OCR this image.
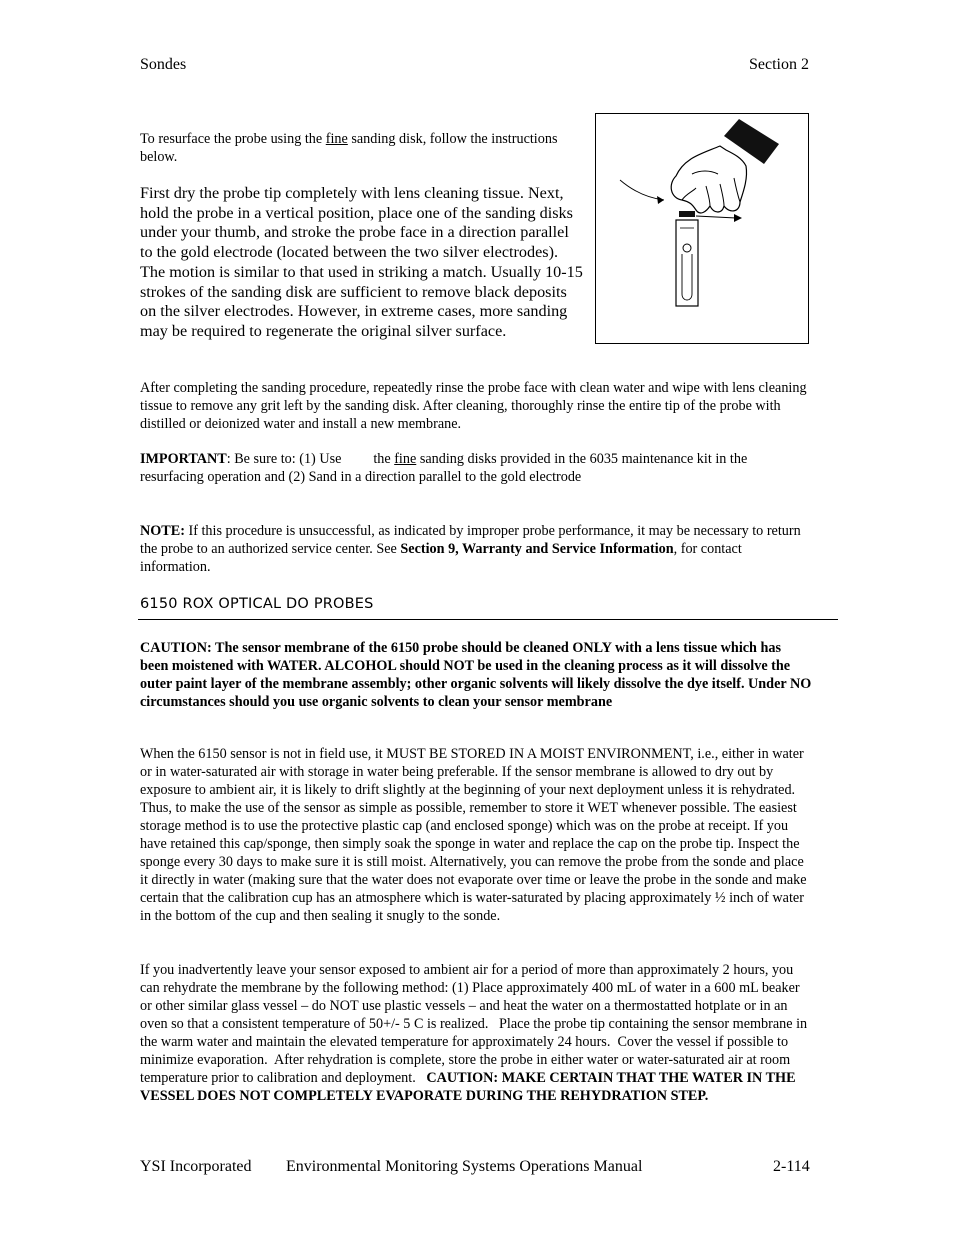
Sondes	Section 2

To resurface the probe using the fine sanding disk, follow the instructions below.

First dry the probe tip completely with lens cleaning tissue. Next, hold the probe in a vertical position, place one of the sanding disks under your thumb, and stroke the probe face in a direction parallel to the gold electrode (located between the two silver electrodes). The motion is similar to that used in striking a match. Usually 10-15 strokes of the sanding disk are sufficient to remove black deposits on the silver electrodes. However, in extreme cases, more sanding may be required to regenerate the original silver surface.

After completing the sanding procedure, repeatedly rinse the probe face with clean water and wipe with lens cleaning tissue to remove any grit left by the sanding disk. After cleaning, thoroughly rinse the entire tip of the probe with distilled or deionized water and install a new membrane.

IMPORTANT: Be sure to: (1) Use         the fine sanding disks provided in the 6035 maintenance kit in the resurfacing operation and (2) Sand in a direction parallel to the gold electrode

NOTE: If this procedure is unsuccessful, as indicated by improper probe performance, it may be necessary to return the probe to an authorized service center. See Section 9, Warranty and Service Information, for contact information.

6150 ROX OPTICAL DO PROBES

CAUTION: The sensor membrane of the 6150 probe should be cleaned ONLY with a lens tissue which has been moistened with WATER. ALCOHOL should NOT be used in the cleaning process as it will dissolve the outer paint layer of the membrane assembly; other organic solvents will likely dissolve the dye itself. Under NO circumstances should you use organic solvents to clean your sensor membrane

When the 6150 sensor is not in field use, it MUST BE STORED IN A MOIST ENVIRONMENT, i.e., either in water or in water-saturated air with storage in water being preferable. If the sensor membrane is allowed to dry out by exposure to ambient air, it is likely to drift slightly at the beginning of your next deployment unless it is rehydrated. Thus, to make the use of the sensor as simple as possible, remember to store it WET whenever possible. The easiest storage method is to use the protective plastic cap (and enclosed sponge) which was on the probe at receipt. If you have retained this cap/sponge, then simply soak the sponge in water and replace the cap on the probe tip. Inspect the sponge every 30 days to make sure it is still moist. Alternatively, you can remove the probe from the sonde and place it directly in water (making sure that the water does not evaporate over time or leave the probe in the sonde and make certain that the calibration cup has an atmosphere which is water-saturated by placing approximately ½ inch of water in the bottom of the cup and then sealing it snugly to the sonde.

If you inadvertently leave your sensor exposed to ambient air for a period of more than approximately 2 hours, you can rehydrate the membrane by the following method: (1) Place approximately 400 mL of water in a 600 mL beaker or other similar glass vessel – do NOT use plastic vessels – and heat the water on a thermostatted hotplate or in an oven so that a consistent temperature of 50+/- 5 C is realized.   Place the probe tip containing the sensor membrane in the warm water and maintain the elevated temperature for approximately 24 hours.  Cover the vessel if possible to minimize evaporation.  After rehydration is complete, store the probe in either water or water-saturated air at room temperature prior to calibration and deployment.   CAUTION: MAKE CERTAIN THAT THE WATER IN THE VESSEL DOES NOT COMPLETELY EVAPORATE DURING THE REHYDRATION STEP.

YSI Incorporated Environmental Monitoring Systems Operations Manual	2-114
